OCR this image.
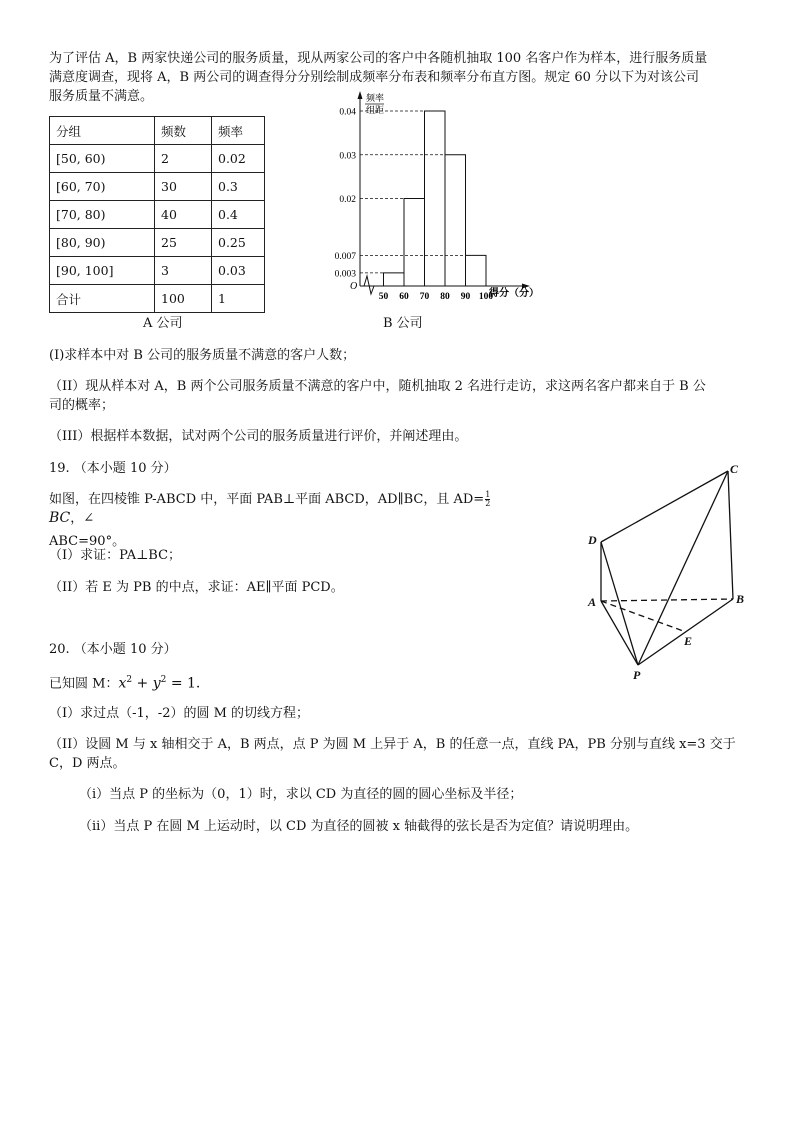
为了评估 A，B 两家快递公司的服务质量，现从两家公司的客户中各随机抽取 100 名客户作为样本，进行服务质量
满意度调查，现将 A，B 两公司的调查得分分别绘制成频率分布表和频率分布直方图。规定 60 分以下为对该公司
服务质量不满意。
分组	频数	频率
[50, 60)	2	0.02
[60, 70)	30	0.3
[70, 80)	40	0.4
[80, 90)	25	0.25
[90, 100]	3	0.03
合计	100	1
A 公司
0.04
0.03
0.02
0.007
0.003
50 60 70 80 90 100
频率
组距
O
得分（分）
B 公司
(I)求样本中对 B 公司的服务质量不满意的客户人数；
（II）现从样本对 A，B 两个公司服务质量不满意的客户中，随机抽取 2 名进行走访，求这两名客户都来自于 B 公
司的概率；
（III）根据样本数据，试对两个公司的服务质量进行评价，并阐述理由。
19. （本小题 10 分）
如图，在四棱锥 P-ABCD 中，平面 PAB⊥平面 ABCD，AD∥BC，且 $AD= \frac{1}{2}$
BC，∠
ABC=90°。
（I）求证：PA⊥BC；
（II）若 E 为 PB 的中点，求证：AE∥平面 PCD。
C
D
A	B
E
P
20. （本小题 10 分）
已知圆 M：$x^2 + y^2 = 1$.
（I）求过点（-1，-2）的圆 M 的切线方程；
（II）设圆 M 与 x 轴相交于 A，B 两点，点 P 为圆 M 上异于 A，B 的任意一点，直线 PA，PB 分别与直线 x=3 交于
C，D 两点。
（i）当点 P 的坐标为（0，1）时，求以 CD 为直径的圆的圆心坐标及半径；
（ii）当点 P 在圆 M 上运动时，以 CD 为直径的圆被 x 轴截得的弦长是否为定值？请说明理由。
